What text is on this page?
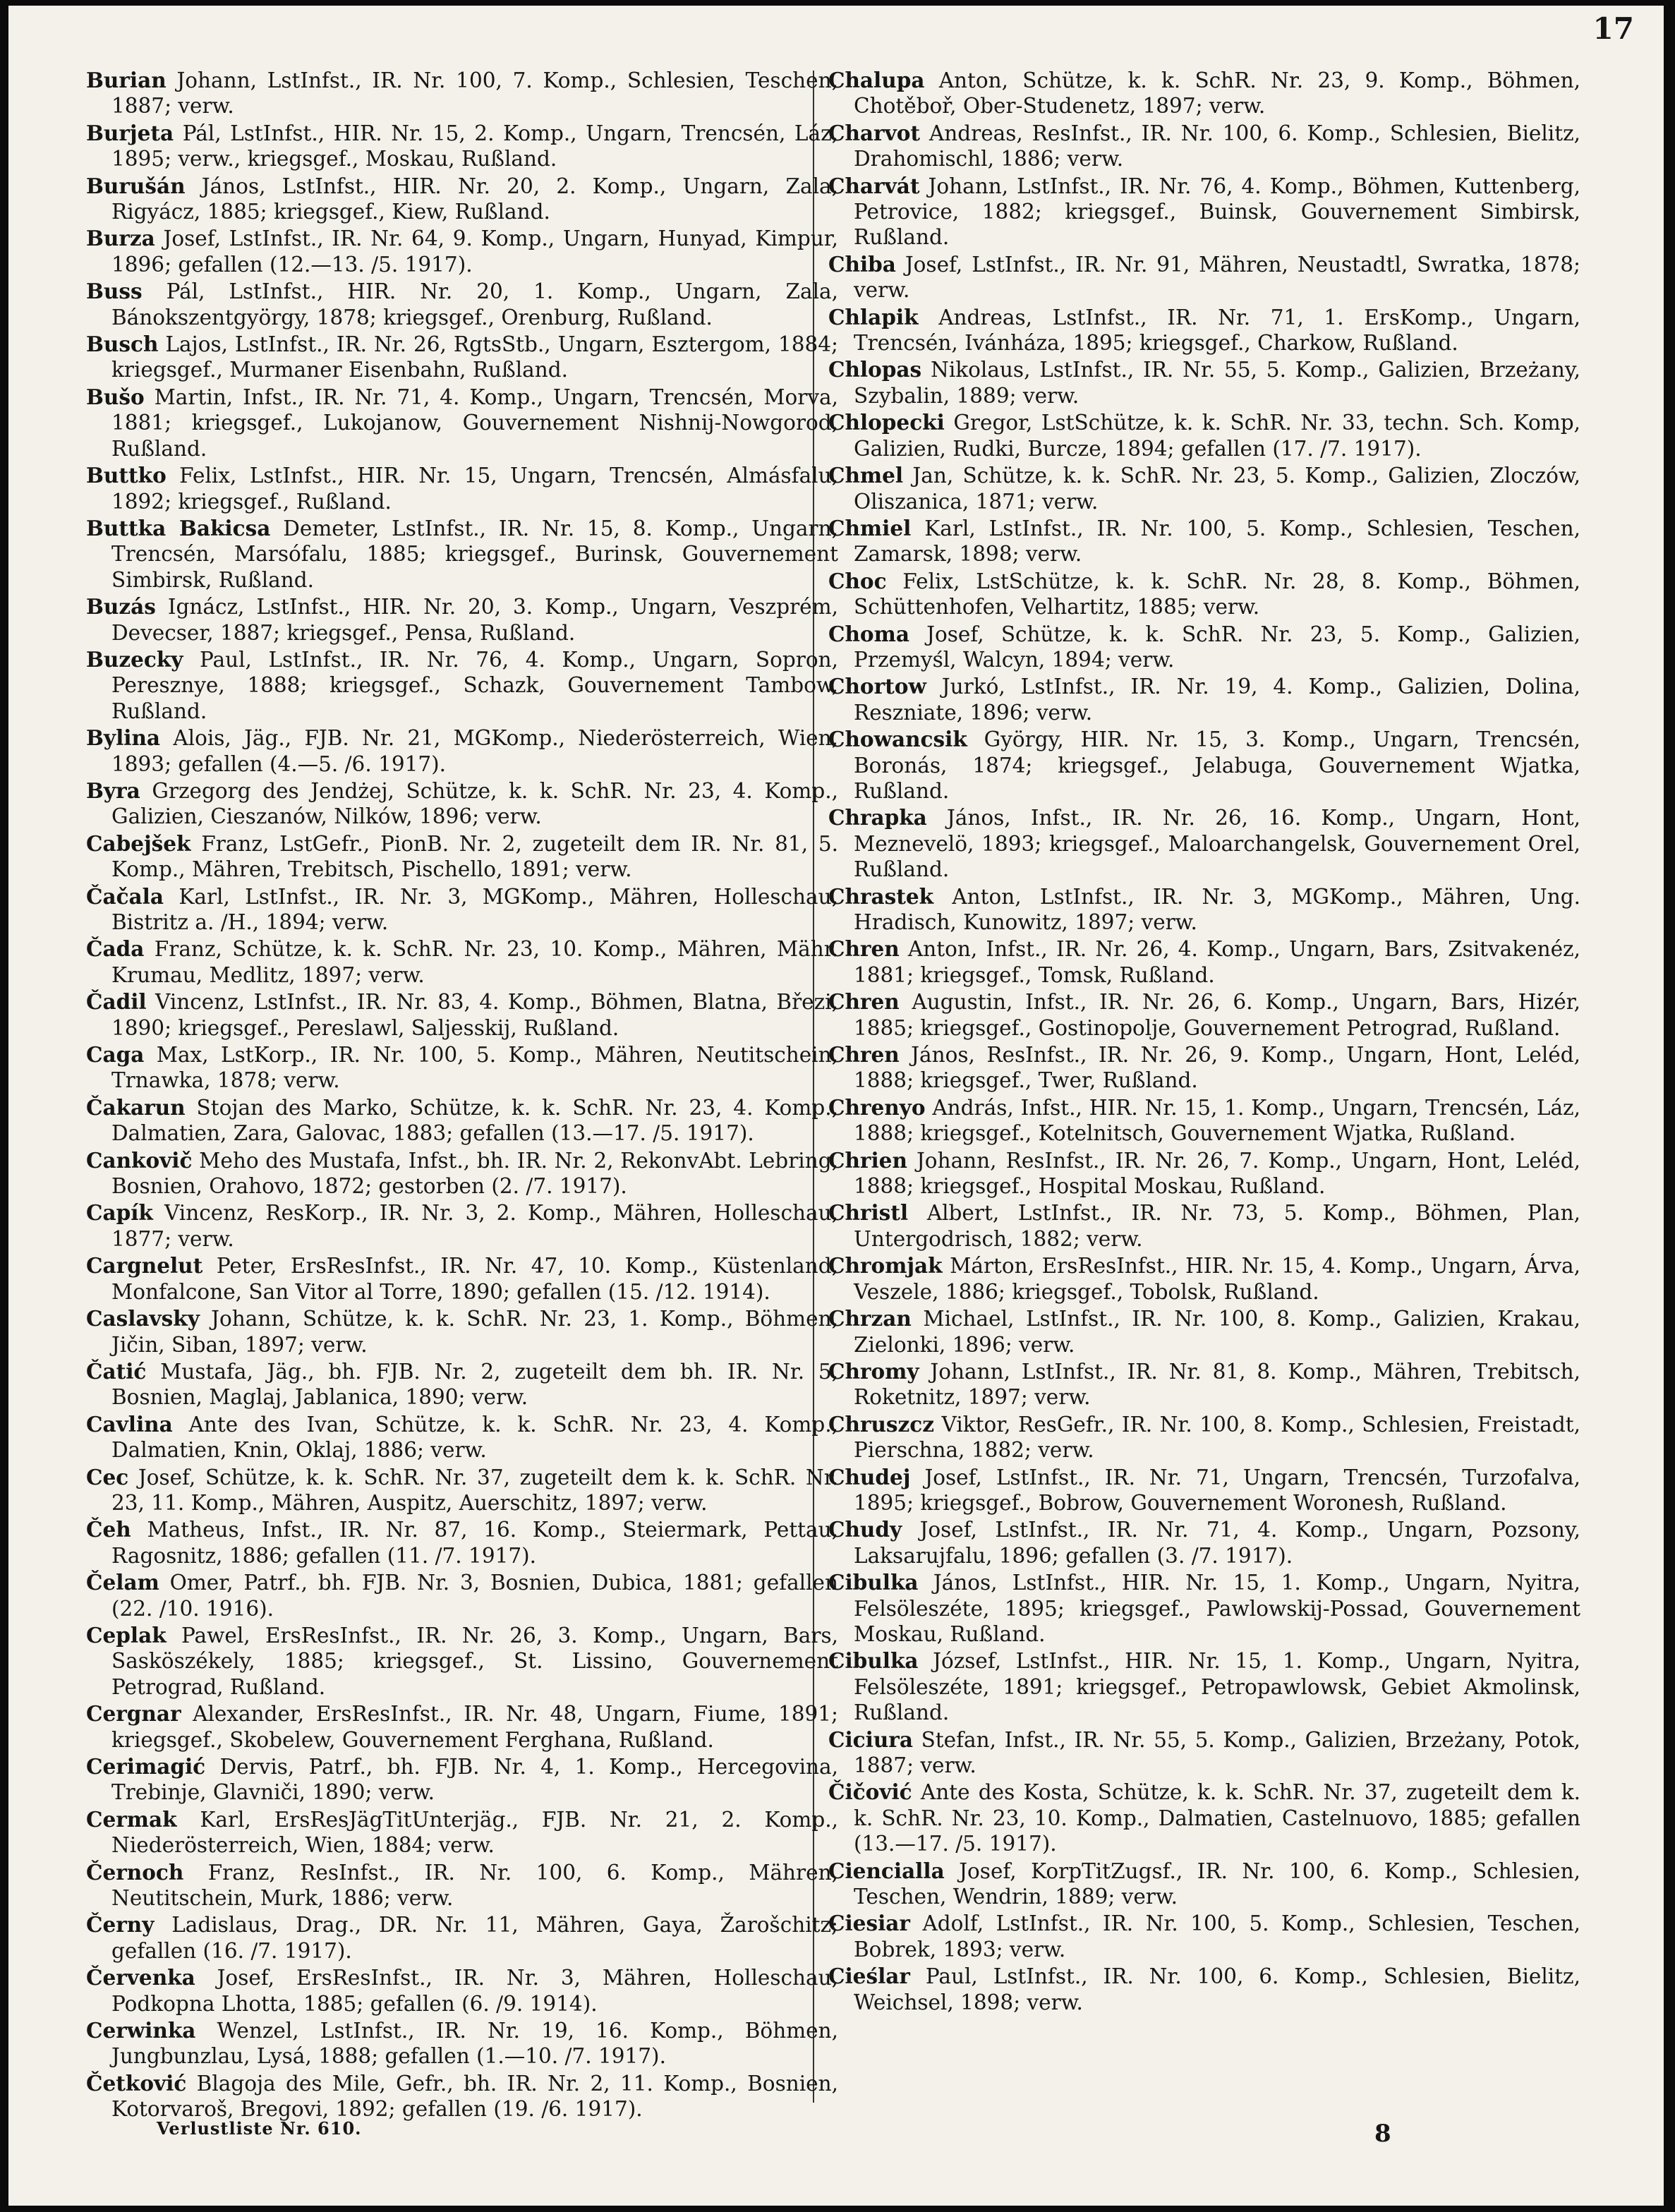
17
Burian Johann, LstInfst., IR. Nr. 100, 7. Komp., Schlesien, Teschen, 1887; verw.
Burjeta Pál, LstInfst., HIR. Nr. 15, 2. Komp., Ungarn, Trencsén, Láz, 1895; verw., kriegsgef., Moskau, Rußland.
Burušán János, LstInfst., HIR. Nr. 20, 2. Komp., Ungarn, Zala, Rigyácz, 1885; kriegsgef., Kiew, Rußland.
Burza Josef, LstInfst., IR. Nr. 64, 9. Komp., Ungarn, Hunyad, Kimpur, 1896; gefallen (12.—13. /5. 1917).
Buss Pál, LstInfst., HIR. Nr. 20, 1. Komp., Ungarn, Zala, Bánokszentgyörgy, 1878; kriegsgef., Orenburg, Rußland.
Busch Lajos, LstInfst., IR. Nr. 26, RgtsStb., Ungarn, Esztergom, 1884; kriegsgef., Murmaner Eisenbahn, Rußland.
Bušo Martin, Infst., IR. Nr. 71, 4. Komp., Ungarn, Trencsén, Morva, 1881; kriegsgef., Lukojanow, Gouvernement Nishnij-Nowgorod, Rußland.
Buttko Felix, LstInfst., HIR. Nr. 15, Ungarn, Trencsén, Almásfalu, 1892; kriegsgef., Rußland.
Buttka Bakicsa Demeter, LstInfst., IR. Nr. 15, 8. Komp., Ungarn, Trencsén, Marsófalu, 1885; kriegsgef., Burinsk, Gouvernement Simbirsk, Rußland.
Buzás Ignácz, LstInfst., HIR. Nr. 20, 3. Komp., Ungarn, Veszprém, Devecser, 1887; kriegsgef., Pensa, Rußland.
Buzecky Paul, LstInfst., IR. Nr. 76, 4. Komp., Ungarn, Sopron, Peresznye, 1888; kriegsgef., Schazk, Gouvernement Tambow, Rußland.
Bylina Alois, Jäg., FJB. Nr. 21, MGKomp., Niederösterreich, Wien, 1893; gefallen (4.—5. /6. 1917).
Byra Grzegorg des Jendżej, Schütze, k. k. SchR. Nr. 23, 4. Komp., Galizien, Cieszanów, Nilków, 1896; verw.
Cabejšek Franz, LstGefr., PionB. Nr. 2, zugeteilt dem IR. Nr. 81, 5. Komp., Mähren, Trebitsch, Pischello, 1891; verw.
Čačala Karl, LstInfst., IR. Nr. 3, MGKomp., Mähren, Holleschau, Bistritz a. /H., 1894; verw.
Čada Franz, Schütze, k. k. SchR. Nr. 23, 10. Komp., Mähren, Mähr. Krumau, Medlitz, 1897; verw.
Čadil Vincenz, LstInfst., IR. Nr. 83, 4. Komp., Böhmen, Blatna, Březi, 1890; kriegsgef., Pereslawl, Saljesskij, Rußland.
Caga Max, LstKorp., IR. Nr. 100, 5. Komp., Mähren, Neutitschein, Trnawka, 1878; verw.
Čakarun Stojan des Marko, Schütze, k. k. SchR. Nr. 23, 4. Komp., Dalmatien, Zara, Galovac, 1883; gefallen (13.—17. /5. 1917).
Cankovič Meho des Mustafa, Infst., bh. IR. Nr. 2, RekonvAbt. Lebring, Bosnien, Orahovo, 1872; gestorben (2. /7. 1917).
Capík Vincenz, ResKorp., IR. Nr. 3, 2. Komp., Mähren, Holleschau, 1877; verw.
Cargnelut Peter, ErsResInfst., IR. Nr. 47, 10. Komp., Küstenland, Monfalcone, San Vitor al Torre, 1890; gefallen (15. /12. 1914).
Caslavsky Johann, Schütze, k. k. SchR. Nr. 23, 1. Komp., Böhmen, Jičin, Siban, 1897; verw.
Čatić Mustafa, Jäg., bh. FJB. Nr. 2, zugeteilt dem bh. IR. Nr. 5, Bosnien, Maglaj, Jablanica, 1890; verw.
Cavlina Ante des Ivan, Schütze, k. k. SchR. Nr. 23, 4. Komp., Dalmatien, Knin, Oklaj, 1886; verw.
Cec Josef, Schütze, k. k. SchR. Nr. 37, zugeteilt dem k. k. SchR. Nr. 23, 11. Komp., Mähren, Auspitz, Auerschitz, 1897; verw.
Čeh Matheus, Infst., IR. Nr. 87, 16. Komp., Steiermark, Pettau, Ragosnitz, 1886; gefallen (11. /7. 1917).
Čelam Omer, Patrf., bh. FJB. Nr. 3, Bosnien, Dubica, 1881; gefallen (22. /10. 1916).
Ceplak Pawel, ErsResInfst., IR. Nr. 26, 3. Komp., Ungarn, Bars, Sasköszékely, 1885; kriegsgef., St. Lissino, Gouvernement Petrograd, Rußland.
Cergnar Alexander, ErsResInfst., IR. Nr. 48, Ungarn, Fiume, 1891; kriegsgef., Skobelew, Gouvernement Ferghana, Rußland.
Cerimagić Dervis, Patrf., bh. FJB. Nr. 4, 1. Komp., Hercegovina, Trebinje, Glavniči, 1890; verw.
Cermak Karl, ErsResJägTitUnterjäg., FJB. Nr. 21, 2. Komp., Niederösterreich, Wien, 1884; verw.
Černoch Franz, ResInfst., IR. Nr. 100, 6. Komp., Mähren, Neutitschein, Murk, 1886; verw.
Černy Ladislaus, Drag., DR. Nr. 11, Mähren, Gaya, Žarošchitz; gefallen (16. /7. 1917).
Červenka Josef, ErsResInfst., IR. Nr. 3, Mähren, Holleschau, Podkopna Lhotta, 1885; gefallen (6. /9. 1914).
Cerwinka Wenzel, LstInfst., IR. Nr. 19, 16. Komp., Böhmen, Jungbunzlau, Lysá, 1888; gefallen (1.—10. /7. 1917).
Četković Blagoja des Mile, Gefr., bh. IR. Nr. 2, 11. Komp., Bosnien, Kotorvaroš, Bregovi, 1892; gefallen (19. /6. 1917).
Chalupa Anton, Schütze, k. k. SchR. Nr. 23, 9. Komp., Böhmen, Chotěboř, Ober-Studenetz, 1897; verw.
Charvot Andreas, ResInfst., IR. Nr. 100, 6. Komp., Schlesien, Bielitz, Drahomischl, 1886; verw.
Charvát Johann, LstInfst., IR. Nr. 76, 4. Komp., Böhmen, Kuttenberg, Petrovice, 1882; kriegsgef., Buinsk, Gouvernement Simbirsk, Rußland.
Chiba Josef, LstInfst., IR. Nr. 91, Mähren, Neustadtl, Swratka, 1878; verw.
Chlapik Andreas, LstInfst., IR. Nr. 71, 1. ErsKomp., Ungarn, Trencsén, Ivánháza, 1895; kriegsgef., Charkow, Rußland.
Chlopas Nikolaus, LstInfst., IR. Nr. 55, 5. Komp., Galizien, Brzeżany, Szybalin, 1889; verw.
Chlopecki Gregor, LstSchütze, k. k. SchR. Nr. 33, techn. Sch. Komp, Galizien, Rudki, Burcze, 1894; gefallen (17. /7. 1917).
Chmel Jan, Schütze, k. k. SchR. Nr. 23, 5. Komp., Galizien, Zloczów, Oliszanica, 1871; verw.
Chmiel Karl, LstInfst., IR. Nr. 100, 5. Komp., Schlesien, Teschen, Zamarsk, 1898; verw.
Choc Felix, LstSchütze, k. k. SchR. Nr. 28, 8. Komp., Böhmen, Schüttenhofen, Velhartitz, 1885; verw.
Choma Josef, Schütze, k. k. SchR. Nr. 23, 5. Komp., Galizien, Przemyśl, Walcyn, 1894; verw.
Chortow Jurkó, LstInfst., IR. Nr. 19, 4. Komp., Galizien, Dolina, Reszniate, 1896; verw.
Chowancsik György, HIR. Nr. 15, 3. Komp., Ungarn, Trencsén, Boronás, 1874; kriegsgef., Jelabuga, Gouvernement Wjatka, Rußland.
Chrapka János, Infst., IR. Nr. 26, 16. Komp., Ungarn, Hont, Meznevelö, 1893; kriegsgef., Maloarchangelsk, Gouvernement Orel, Rußland.
Chrastek Anton, LstInfst., IR. Nr. 3, MGKomp., Mähren, Ung. Hradisch, Kunowitz, 1897; verw.
Chren Anton, Infst., IR. Nr. 26, 4. Komp., Ungarn, Bars, Zsitvakenéz, 1881; kriegsgef., Tomsk, Rußland.
Chren Augustin, Infst., IR. Nr. 26, 6. Komp., Ungarn, Bars, Hizér, 1885; kriegsgef., Gostinopolje, Gouvernement Petrograd, Rußland.
Chren János, ResInfst., IR. Nr. 26, 9. Komp., Ungarn, Hont, Leléd, 1888; kriegsgef., Twer, Rußland.
Chrenyo András, Infst., HIR. Nr. 15, 1. Komp., Ungarn, Trencsén, Láz, 1888; kriegsgef., Kotelnitsch, Gouvernement Wjatka, Rußland.
Chrien Johann, ResInfst., IR. Nr. 26, 7. Komp., Ungarn, Hont, Leléd, 1888; kriegsgef., Hospital Moskau, Rußland.
Christl Albert, LstInfst., IR. Nr. 73, 5. Komp., Böhmen, Plan, Untergodrisch, 1882; verw.
Chromjak Márton, ErsResInfst., HIR. Nr. 15, 4. Komp., Ungarn, Árva, Veszele, 1886; kriegsgef., Tobolsk, Rußland.
Chrzan Michael, LstInfst., IR. Nr. 100, 8. Komp., Galizien, Krakau, Zielonki, 1896; verw.
Chromy Johann, LstInfst., IR. Nr. 81, 8. Komp., Mähren, Trebitsch, Roketnitz, 1897; verw.
Chruszcz Viktor, ResGefr., IR. Nr. 100, 8. Komp., Schlesien, Freistadt, Pierschna, 1882; verw.
Chudej Josef, LstInfst., IR. Nr. 71, Ungarn, Trencsén, Turzofalva, 1895; kriegsgef., Bobrow, Gouvernement Woronesh, Rußland.
Chudy Josef, LstInfst., IR. Nr. 71, 4. Komp., Ungarn, Pozsony, Laksarujfalu, 1896; gefallen (3. /7. 1917).
Cibulka János, LstInfst., HIR. Nr. 15, 1. Komp., Ungarn, Nyitra, Felsöleszéte, 1895; kriegsgef., Pawlowskij-Possad, Gouvernement Moskau, Rußland.
Cibulka József, LstInfst., HIR. Nr. 15, 1. Komp., Ungarn, Nyitra, Felsöleszéte, 1891; kriegsgef., Petropawlowsk, Gebiet Akmolinsk, Rußland.
Ciciura Stefan, Infst., IR. Nr. 55, 5. Komp., Galizien, Brzeżany, Potok, 1887; verw.
Čičović Ante des Kosta, Schütze, k. k. SchR. Nr. 37, zugeteilt dem k. k. SchR. Nr. 23, 10. Komp., Dalmatien, Castelnuovo, 1885; gefallen (13.—17. /5. 1917).
Ciencialla Josef, KorpTitZugsf., IR. Nr. 100, 6. Komp., Schlesien, Teschen, Wendrin, 1889; verw.
Ciesiar Adolf, LstInfst., IR. Nr. 100, 5. Komp., Schlesien, Teschen, Bobrek, 1893; verw.
Cieślar Paul, LstInfst., IR. Nr. 100, 6. Komp., Schlesien, Bielitz, Weichsel, 1898; verw.
Verlustliste Nr. 610.	8
